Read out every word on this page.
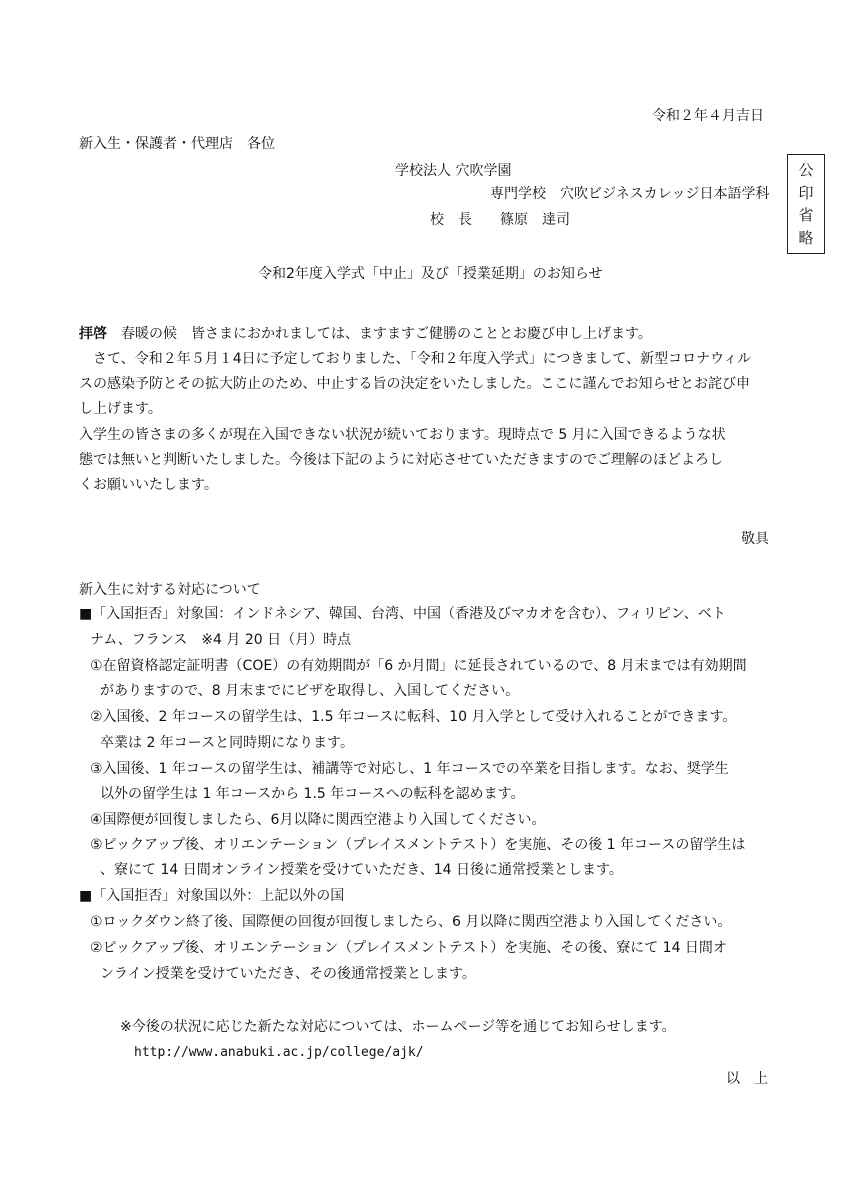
令和２年４月吉日
新入生・保護者・代理店　各位
学校法人 穴吹学園
専門学校　穴吹ビジネスカレッジ日本語学科
校　長　　篠原　達司
公
印
省
略
令和2年度入学式「中止」及び「授業延期」のお知らせ
拝啓　春暖の候　皆さまにおかれましては、ますますご健勝のこととお慶び申し上げます。
　さて、令和２年５月１4日に予定しておりました、「令和２年度入学式」につきまして、新型コロナウィル
スの感染予防とその拡大防止のため、中止する旨の決定をいたしました。ここに謹んでお知らせとお詫び申
し上げます。
入学生の皆さまの多くが現在入国できない状況が続いております。現時点で 5 月に入国できるような状
態では無いと判断いたしました。今後は下記のように対応させていただきますのでご理解のほどよろし
くお願いいたします。
敬具
新入生に対する対応について
■「入国拒否」対象国：インドネシア、韓国、台湾、中国（香港及びマカオを含む）、フィリピン、ベト
ナム、フランス　※4 月 20 日（月）時点
①在留資格認定証明書（COE）の有効期間が「6 か月間」に延長されているので、8 月末までは有効期間
がありますので、8 月末までにビザを取得し、入国してください。
②入国後、2 年コースの留学生は、1.5 年コースに転科、10 月入学として受け入れることができます。
卒業は 2 年コースと同時期になります。
③入国後、1 年コースの留学生は、補講等で対応し、1 年コースでの卒業を目指します。なお、奨学生
以外の留学生は 1 年コースから 1.5 年コースへの転科を認めます。
④国際便が回復しましたら、6月以降に関西空港より入国してください。
⑤ピックアップ後、オリエンテーション（プレイスメントテスト）を実施、その後 1 年コースの留学生は
、寮にて 14 日間オンライン授業を受けていただき、14 日後に通常授業とします。
■「入国拒否」対象国以外：上記以外の国
①ロックダウン終了後、国際便の回復が回復しましたら、6 月以降に関西空港より入国してください。
②ピックアップ後、オリエンテーション（プレイスメントテスト）を実施、その後、寮にて 14 日間オ
ンライン授業を受けていただき、その後通常授業とします。
※今後の状況に応じた新たな対応については、ホームページ等を通じてお知らせします。
http://www.anabuki.ac.jp/college/ajk/
以　上
